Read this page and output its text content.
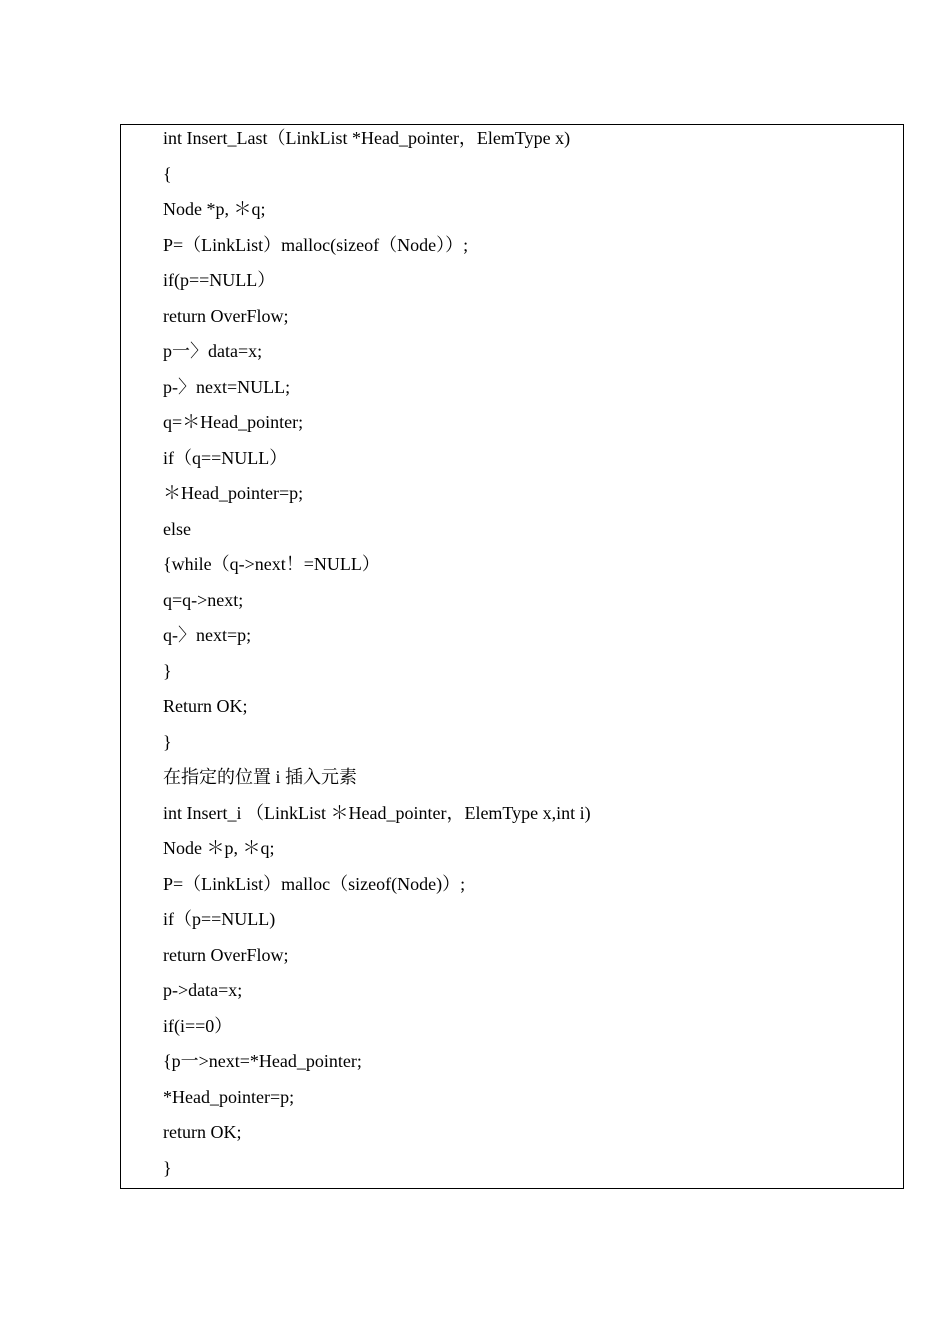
int Insert_Last（LinkList *Head_pointer，ElemType x)
{
Node *p, ＊q;
P=（LinkList）malloc(sizeof（Node））;
if(p==NULL）
return OverFlow;
p一〉data=x;
p-〉next=NULL;
q=＊Head_pointer;
if（q==NULL）
＊Head_pointer=p;
else
{while（q->next！=NULL）
q=q->next;
q-〉next=p;
}
Return OK;
}
在指定的位置 i 插入元素
int Insert_i （LinkList ＊Head_pointer，ElemType x,int i)
Node ＊p, ＊q;
P=（LinkList）malloc（sizeof(Node)）;
if（p==NULL)
return OverFlow;
p->data=x;
if(i==0）
{p一>next=*Head_pointer;
*Head_pointer=p;
return OK;
}
